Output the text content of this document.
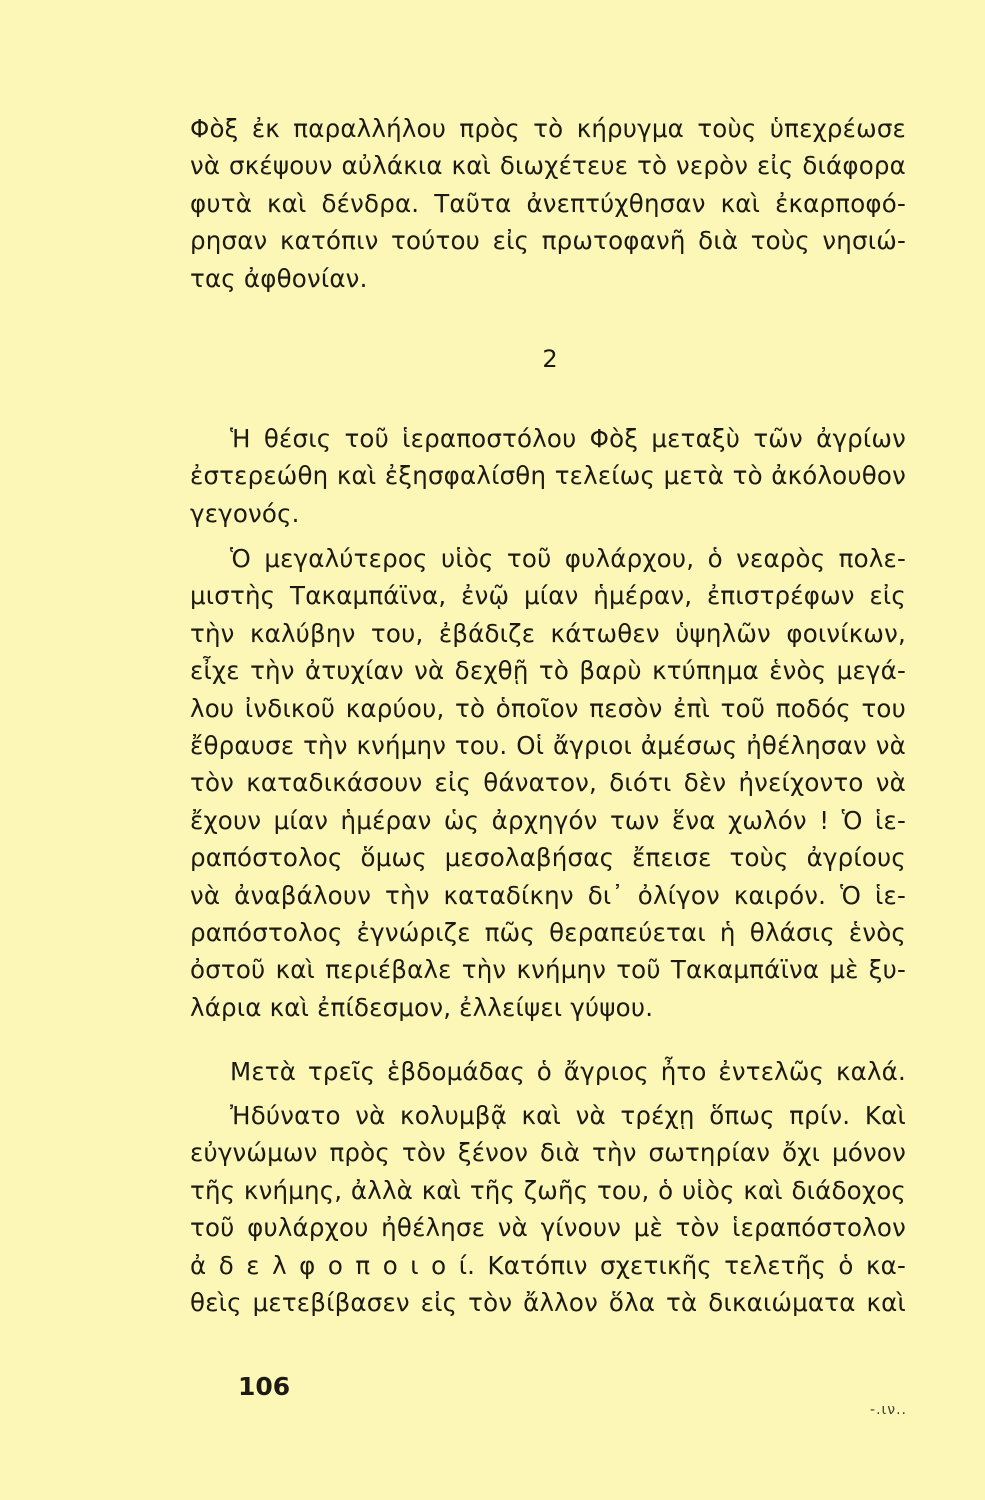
Φὸξ ἐκ παραλλήλου πρὸς τὸ κήρυγμα τοὺς ὑπεχρέωσε
νὰ σκέψουν αὐλάκια καὶ διωχέτευε τὸ νερὸν εἰς διάφορα
φυτὰ καὶ δένδρα. Ταῦτα ἀνεπτύχθησαν καὶ ἐκαρποφό-
ρησαν κατόπιν τούτου εἰς πρωτοφανῆ διὰ τοὺς νησιώ-
τας ἀφθονίαν.
2
Ἡ θέσις τοῦ ἱεραποστόλου Φὸξ μεταξὺ τῶν ἀγρίων
ἐστερεώθη καὶ ἐξησφαλίσθη τελείως μετὰ τὸ ἀκόλουθον
γεγονός.
Ὁ μεγαλύτερος υἱὸς τοῦ φυλάρχου, ὁ νεαρὸς πολε-
μιστὴς Τακαμπάϊνα, ἐνῷ μίαν ἡμέραν, ἐπιστρέφων εἰς
τὴν καλύβην του, ἐβάδιζε κάτωθεν ὑψηλῶν φοινίκων,
εἶχε τὴν ἀτυχίαν νὰ δεχθῇ τὸ βαρὺ κτύπημα ἑνὸς μεγά-
λου ἰνδικοῦ καρύου, τὸ ὁποῖον πεσὸν ἐπὶ τοῦ ποδός του
ἔθραυσε τὴν κνήμην του. Οἱ ἄγριοι ἀμέσως ἠθέλησαν νὰ
τὸν καταδικάσουν εἰς θάνατον, διότι δὲν ἠνείχοντο νὰ
ἔχουν μίαν ἡμέραν ὡς ἀρχηγόν των ἕνα χωλόν ! Ὁ ἱε-
ραπόστολος ὅμως μεσολαβήσας ἔπεισε τοὺς ἀγρίους
νὰ ἀναβάλουν τὴν καταδίκην δι᾽ ὀλίγον καιρόν. Ὁ ἱε-
ραπόστολος ἐγνώριζε πῶς θεραπεύεται ἡ θλάσις ἑνὸς
ὀστοῦ καὶ περιέβαλε τὴν κνήμην τοῦ Τακαμπάϊνα μὲ ξυ-
λάρια καὶ ἐπίδεσμον, ἐλλείψει γύψου.
Μετὰ τρεῖς ἑβδομάδας ὁ ἄγριος ἦτο ἐντελῶς καλά.
Ἠδύνατο νὰ κολυμβᾷ καὶ νὰ τρέχῃ ὅπως πρίν. Καὶ
εὐγνώμων πρὸς τὸν ξένον διὰ τὴν σωτηρίαν ὄχι μόνον
τῆς κνήμης, ἀλλὰ καὶ τῆς ζωῆς του, ὁ υἱὸς καὶ διάδοχος
τοῦ φυλάρχου ἠθέλησε νὰ γίνουν μὲ τὸν ἱεραπόστολον
ἀ δ ε λ φ ο π ο ι ο ί. Κατόπιν σχετικῆς τελετῆς ὁ κα-
θεὶς μετεβίβασεν εἰς τὸν ἄλλον ὅλα τὰ δικαιώματα καὶ
106
-.ιν..
